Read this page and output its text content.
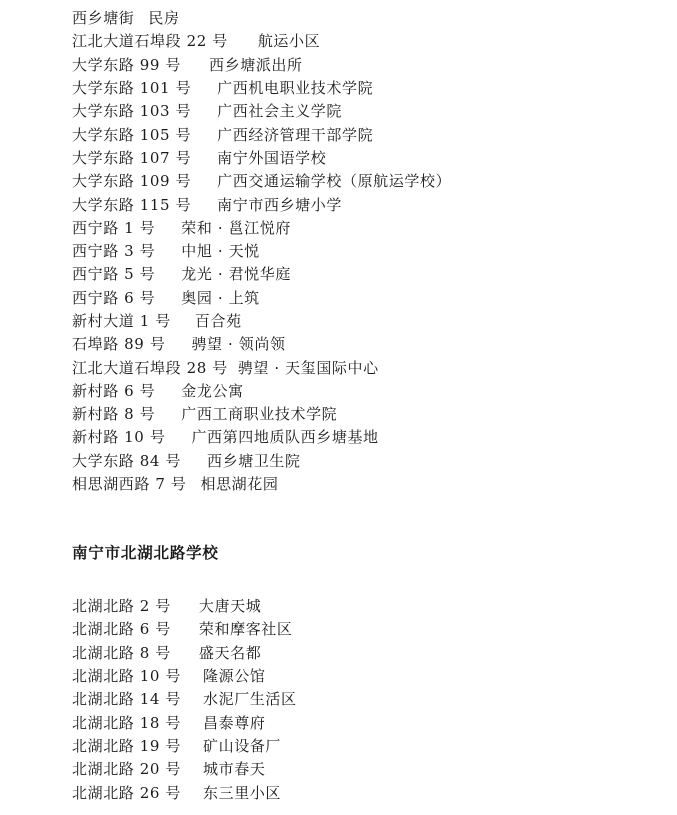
西乡塘街 民房
江北大道石埠段 22 号 航运小区
大学东路 99 号 西乡塘派出所
大学东路 101 号 广西机电职业技术学院
大学东路 103 号 广西社会主义学院
大学东路 105 号 广西经济管理干部学院
大学东路 107 号 南宁外国语学校
大学东路 109 号 广西交通运输学校（原航运学校）
大学东路 115 号 南宁市西乡塘小学
西宁路 1 号 荣和 · 邕江悦府
西宁路 3 号 中旭 · 天悦
西宁路 5 号 龙光 · 君悦华庭
西宁路 6 号 奥园 · 上筑
新村大道 1 号 百合苑
石埠路 89 号 骋望 · 领尚领
江北大道石埠段 28 号 骋望 · 天玺国际中心
新村路 6 号 金龙公寓
新村路 8 号 广西工商职业技术学院
新村路 10 号 广西第四地质队西乡塘基地
大学东路 84 号 西乡塘卫生院
相思湖西路 7 号 相思湖花园
南宁市北湖北路学校
北湖北路 2 号 大唐天城
北湖北路 6 号 荣和摩客社区
北湖北路 8 号 盛天名都
北湖北路 10 号 隆源公馆
北湖北路 14 号 水泥厂生活区
北湖北路 18 号 昌泰尊府
北湖北路 19 号 矿山设备厂
北湖北路 20 号 城市春天
北湖北路 26 号 东三里小区
